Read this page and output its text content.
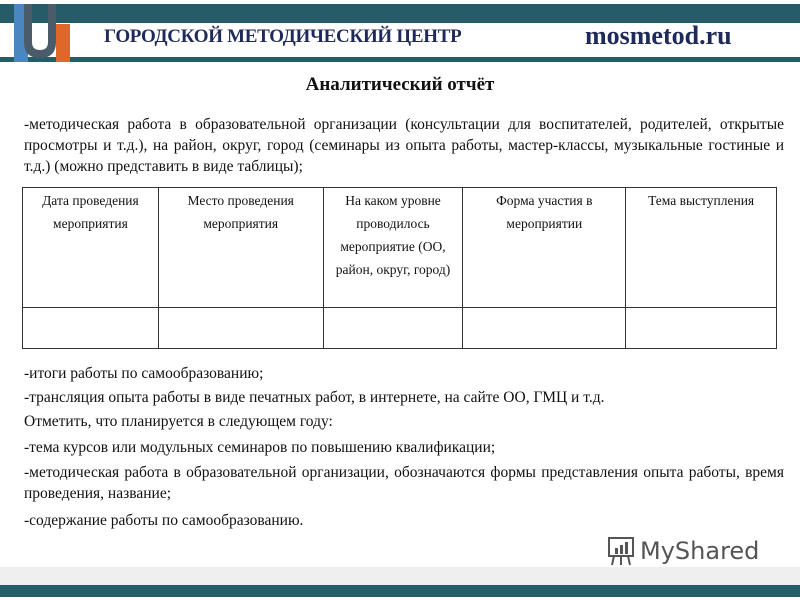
ГОРОДСКОЙ МЕТОДИЧЕСКИЙ ЦЕНТР	mosmetod.ru
Аналитический отчёт
-методическая работа в образовательной организации (консультации для воспитателей, родителей, открытые просмотры и т.д.), на район, округ, город (семинары из опыта работы, мастер-классы, музыкальные гостиные и т.д.) (можно представить в виде таблицы);
Дата проведения мероприятия	Место проведения мероприятия	На каком уровне проводилось мероприятие (ОО, район, округ, город)	Форма участия в мероприятии	Тема выступления

-итоги работы по самообразованию;
-трансляция опыта работы в виде печатных работ, в интернете, на сайте ОО, ГМЦ и т.д.
Отметить, что планируется в следующем году:
-тема курсов или модульных семинаров по повышению квалификации;
-методическая работа в образовательной организации, обозначаются формы представления опыта работы, время проведения, название;
-содержание работы по самообразованию.
MyShared
